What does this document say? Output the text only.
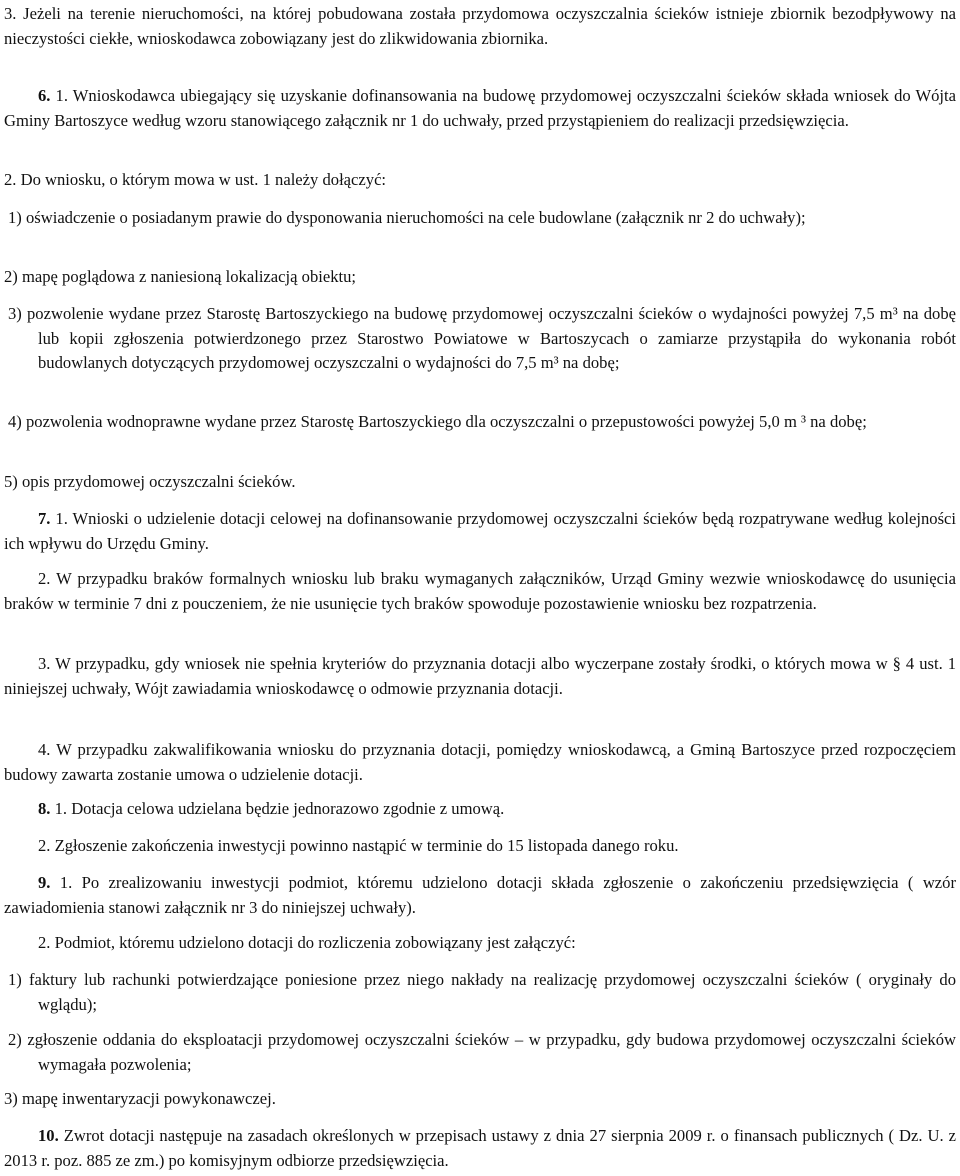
3. Jeżeli na terenie nieruchomości, na której pobudowana została przydomowa oczyszczalnia ścieków istnieje zbiornik bezodpływowy na nieczystości ciekłe, wnioskodawca zobowiązany jest do zlikwidowania zbiornika.

6. 1. Wnioskodawca ubiegający się uzyskanie dofinansowania na budowę przydomowej oczyszczalni ścieków składa wniosek do Wójta Gminy Bartoszyce według wzoru stanowiącego załącznik nr 1 do uchwały, przed przystąpieniem do realizacji przedsięwzięcia.

2. Do wniosku, o którym mowa w ust. 1 należy dołączyć:

1) oświadczenie o posiadanym prawie do dysponowania nieruchomości na cele budowlane (załącznik nr 2 do uchwały);

2) mapę poglądowa z naniesioną lokalizacją obiektu;

3) pozwolenie wydane przez Starostę Bartoszyckiego na budowę przydomowej oczyszczalni ścieków o wydajności powyżej 7,5 m³ na dobę lub kopii zgłoszenia potwierdzonego przez Starostwo Powiatowe w Bartoszycach o zamiarze przystąpiła do wykonania robót budowlanych dotyczących przydomowej oczyszczalni o wydajności do 7,5 m³ na dobę;

4) pozwolenia wodnoprawne wydane przez Starostę Bartoszyckiego dla oczyszczalni o przepustowości powyżej 5,0 m ³ na dobę;

5) opis przydomowej oczyszczalni ścieków.

7. 1. Wnioski o udzielenie dotacji celowej na dofinansowanie przydomowej oczyszczalni ścieków będą rozpatrywane według kolejności ich wpływu do Urzędu Gminy.

2. W przypadku braków formalnych wniosku lub braku wymaganych załączników, Urząd Gminy wezwie wnioskodawcę do usunięcia braków w terminie 7 dni z pouczeniem, że nie usunięcie tych braków spowoduje pozostawienie wniosku bez rozpatrzenia.

3. W przypadku, gdy wniosek nie spełnia kryteriów do przyznania dotacji albo wyczerpane zostały środki, o których mowa w § 4 ust. 1 niniejszej uchwały, Wójt zawiadamia wnioskodawcę o odmowie przyznania dotacji.

4. W przypadku zakwalifikowania wniosku do przyznania dotacji, pomiędzy wnioskodawcą, a Gminą Bartoszyce przed rozpoczęciem budowy zawarta zostanie umowa o udzielenie dotacji.

8. 1. Dotacja celowa udzielana będzie jednorazowo zgodnie z umową.

2. Zgłoszenie zakończenia inwestycji powinno nastąpić w terminie do 15 listopada danego roku.

9. 1. Po zrealizowaniu inwestycji podmiot, któremu udzielono dotacji składa zgłoszenie o zakończeniu przedsięwzięcia ( wzór zawiadomienia stanowi załącznik nr 3 do niniejszej uchwały).

2. Podmiot, któremu udzielono dotacji do rozliczenia zobowiązany jest załączyć:

1) faktury lub rachunki potwierdzające poniesione przez niego nakłady na realizację przydomowej oczyszczalni ścieków ( oryginały do wglądu);

2) zgłoszenie oddania do eksploatacji przydomowej oczyszczalni ścieków – w przypadku, gdy budowa przydomowej oczyszczalni ścieków wymagała pozwolenia;

3) mapę inwentaryzacji powykonawczej.

10. Zwrot dotacji następuje na zasadach określonych w przepisach ustawy z dnia 27 sierpnia 2009 r. o finansach publicznych ( Dz. U. z 2013 r. poz. 885 ze zm.) po komisyjnym odbiorze przedsięwzięcia.
